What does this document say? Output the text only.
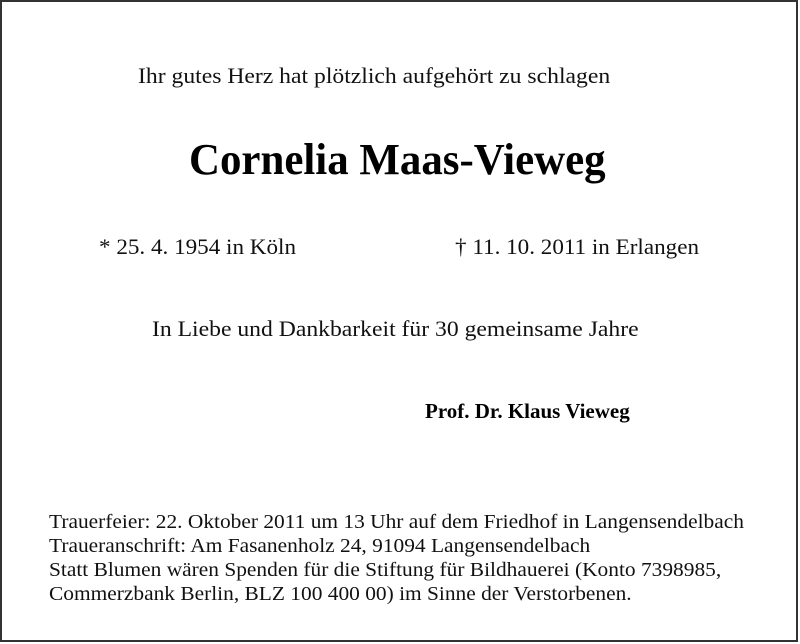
Ihr gutes Herz hat plötzlich aufgehört zu schlagen

Cornelia Maas-Vieweg

* 25. 4. 1954 in Köln	† 11. 10. 2011 in Erlangen

In Liebe und Dankbarkeit für 30 gemeinsame Jahre

Prof. Dr. Klaus Vieweg

Trauerfeier: 22. Oktober 2011 um 13 Uhr auf dem Friedhof in Langensendelbach

Traueranschrift: Am Fasanenholz 24, 91094 Langensendelbach

Statt Blumen wären Spenden für die Stiftung für Bildhauerei (Konto 7398985,

Commerzbank Berlin, BLZ 100 400 00) im Sinne der Verstorbenen.
